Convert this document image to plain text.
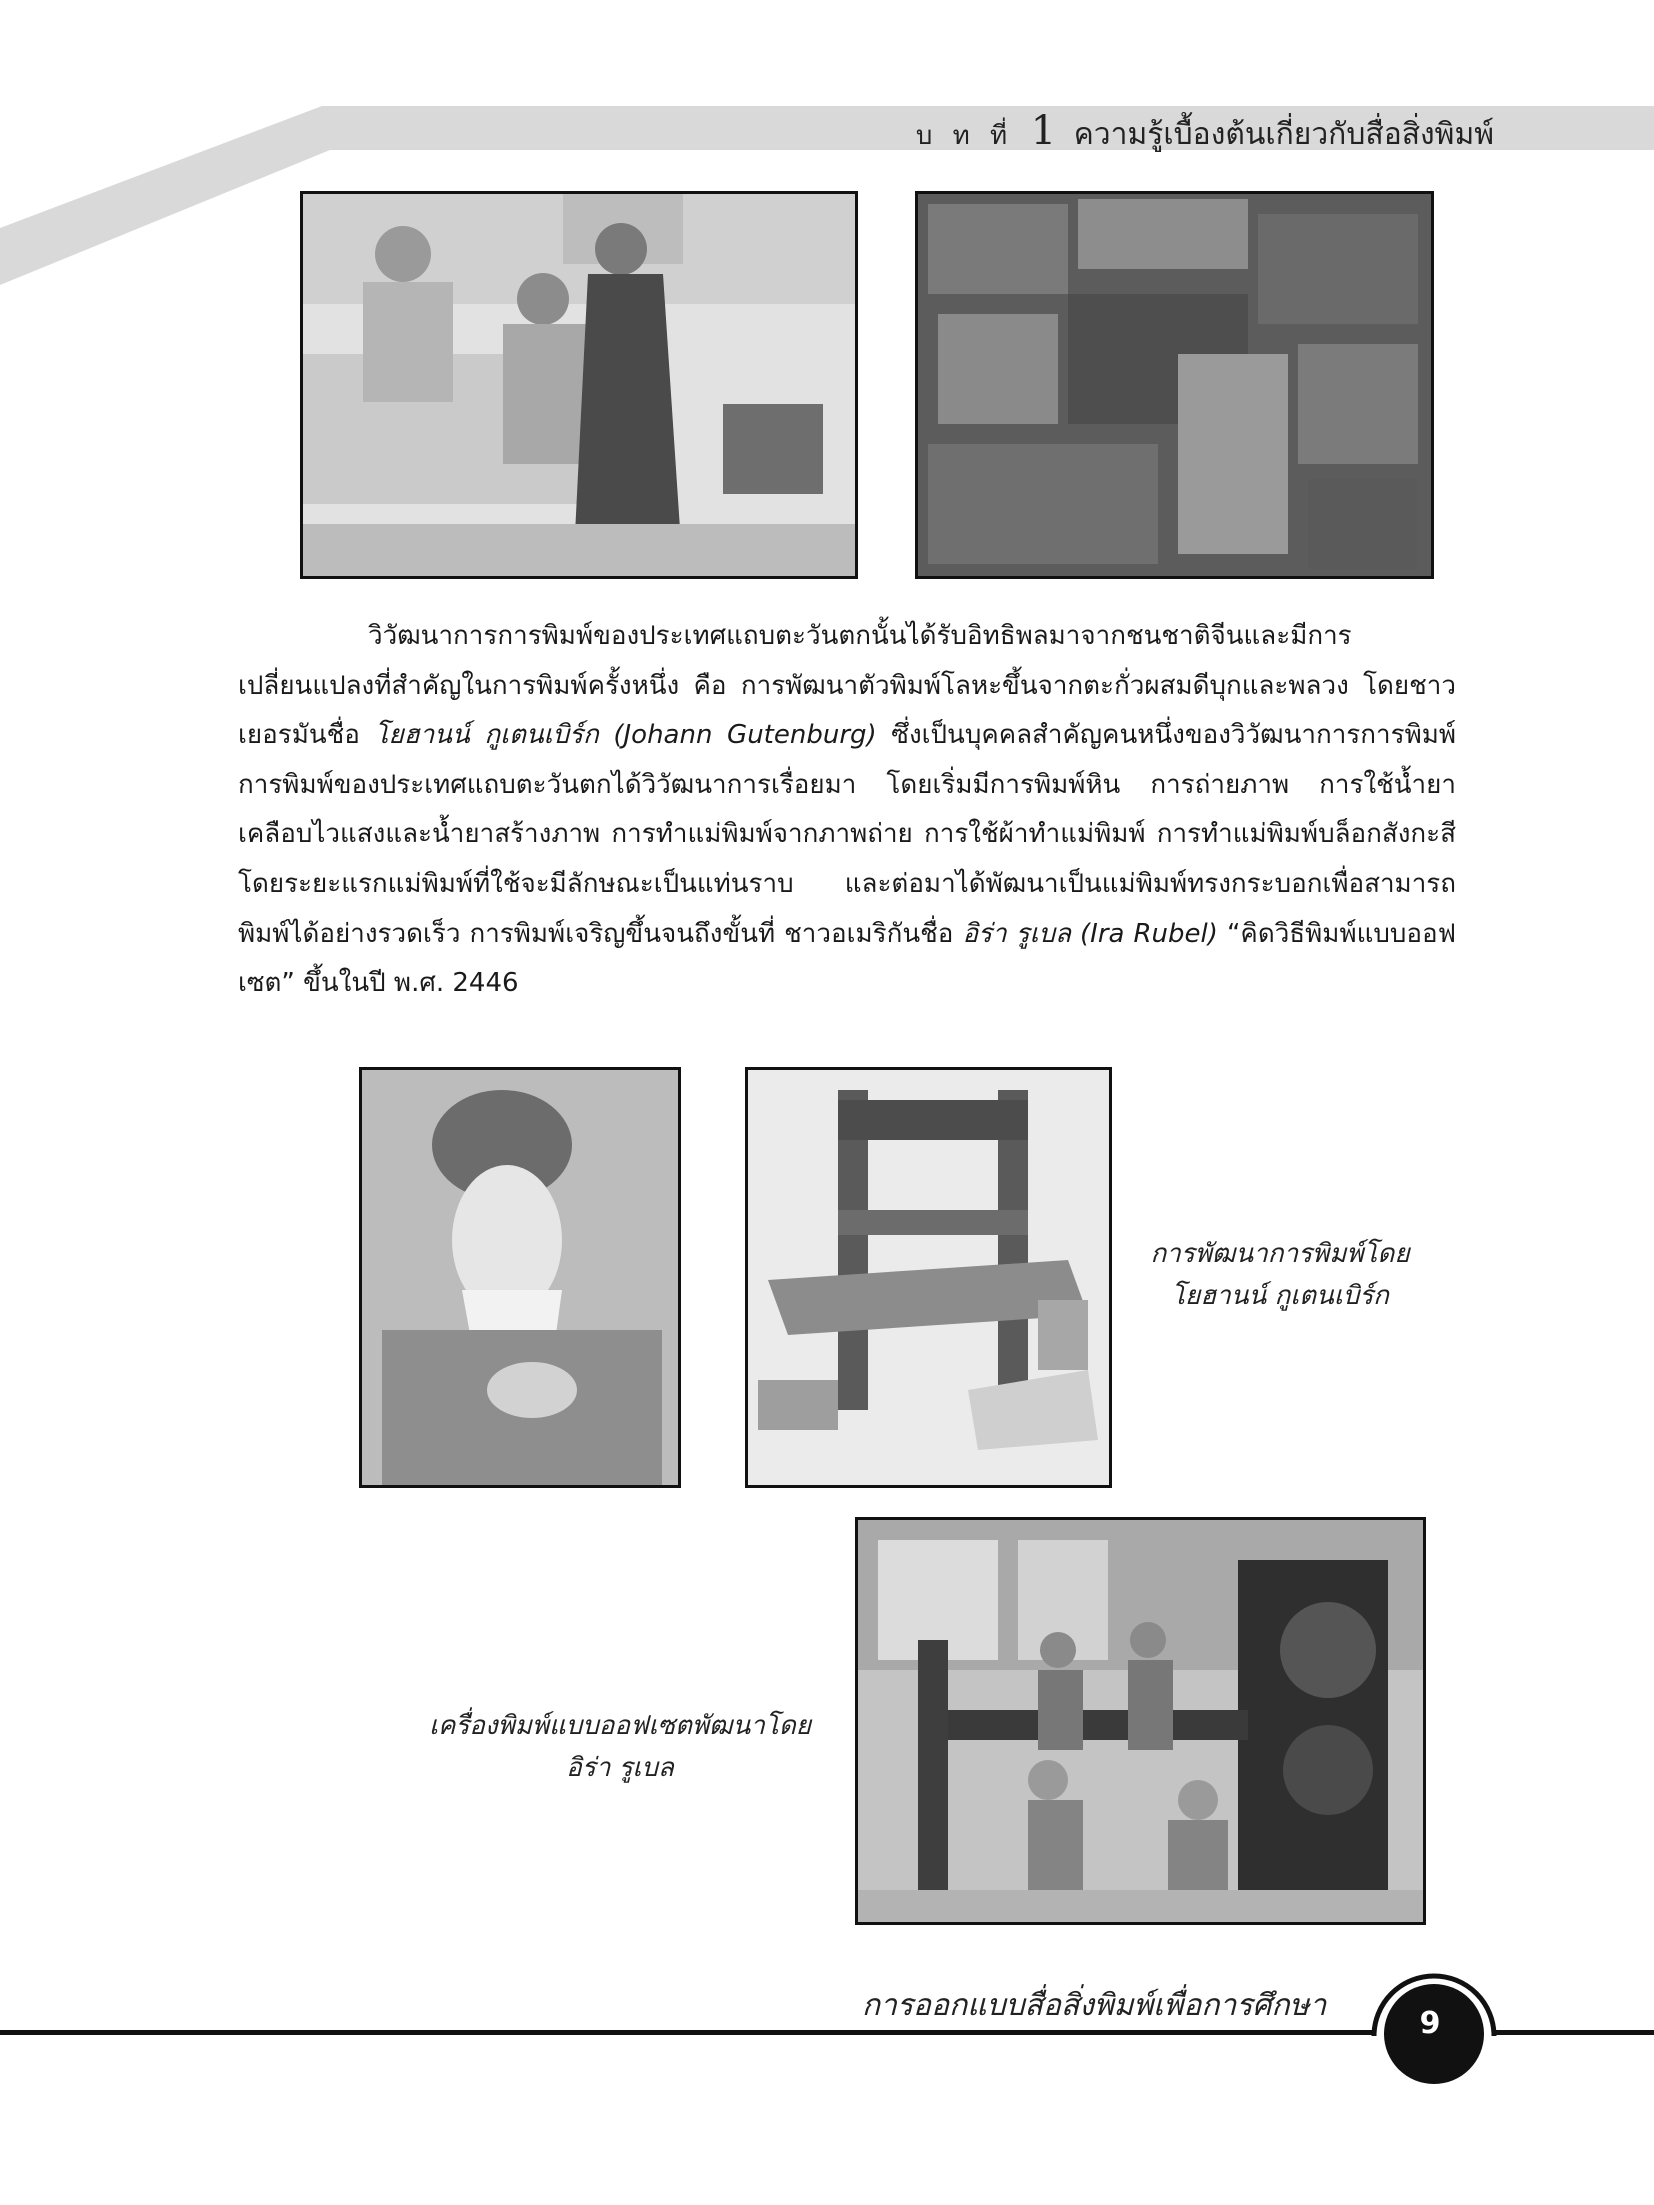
บ ท ที่ 1 ความรู้เบื้องต้นเกี่ยวกับสื่อสิ่งพิมพ์

วิวัฒนาการการพิมพ์ของประเทศแถบตะวันตกนั้นได้รับอิทธิพลมาจากชนชาติจีนและมีการเปลี่ยนแปลงที่สำคัญในการพิมพ์ครั้งหนึ่ง คือ การพัฒนาตัวพิมพ์โลหะขึ้นจากตะกั่วผสมดีบุกและพลวง โดยชาวเยอรมันชื่อ โยฮานน์ กูเตนเบิร์ก (Johann Gutenburg) ซึ่งเป็นบุคคลสำคัญคนหนึ่งของวิวัฒนาการการพิมพ์ การพิมพ์ของประเทศแถบตะวันตกได้วิวัฒนาการเรื่อยมา โดยเริ่มมีการพิมพ์หิน การถ่ายภาพ การใช้น้ำยาเคลือบไวแสงและน้ำยาสร้างภาพ การทำแม่พิมพ์จากภาพถ่าย การใช้ผ้าทำแม่พิมพ์ การทำแม่พิมพ์บล็อกสังกะสี โดยระยะแรกแม่พิมพ์ที่ใช้จะมีลักษณะเป็นแท่นราบ และต่อมาได้พัฒนาเป็นแม่พิมพ์ทรงกระบอกเพื่อสามารถพิมพ์ได้อย่างรวดเร็ว การพิมพ์เจริญขึ้นจนถึงขั้นที่ ชาวอเมริกันชื่อ อิร่า รูเบล (Ira Rubel) “คิดวิธีพิมพ์แบบออฟเซต” ขึ้นในปี พ.ศ. 2446

การพัฒนาการพิมพ์โดย
โยฮานน์ กูเตนเบิร์ก
เครื่องพิมพ์แบบออฟเซตพัฒนาโดย
อิร่า รูเบล
การออกแบบสื่อสิ่งพิมพ์เพื่อการศึกษา
9
